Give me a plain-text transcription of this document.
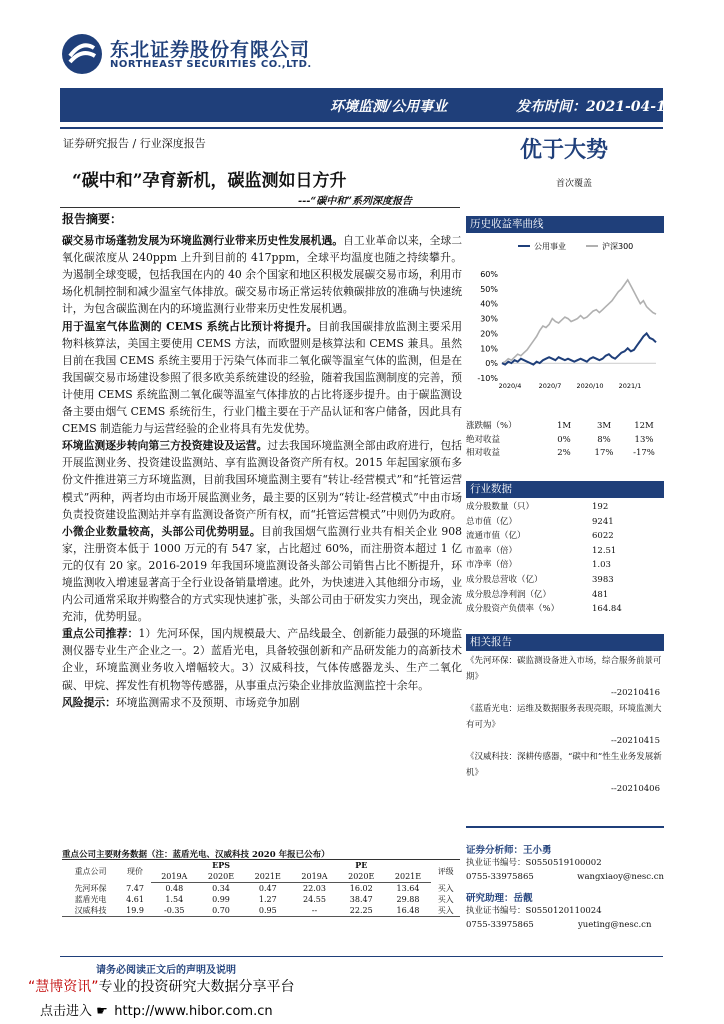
东北证券股份有限公司
NORTHEAST SECURITIES CO.,LTD.
环境监测/公用事业	发布时间：2021-04-18
证券研究报告 / 行业深度报告	优于大势
“碳中和”孕育新机，碳监测如日方升	首次覆盖
---“碳中和”系列深度报告
报告摘要：

碳交易市场蓬勃发展为环境监测行业带来历史性发展机遇。自工业革命以来，全球二氧化碳浓度从 240ppm 上升到目前的 417ppm，全球平均温度也随之持续攀升。为遏制全球变暖，包括我国在内的 40 余个国家和地区积极发展碳交易市场，利用市场化机制控制和减少温室气体排放。碳交易市场正常运转依赖碳排放的准确与快速统计，为包含碳监测在内的环境监测行业带来历史性发展机遇。

用于温室气体监测的 CEMS 系统占比预计将提升。目前我国碳排放监测主要采用物料核算法，美国主要使用 CEMS 方法，而欧盟则是核算法和 CEMS 兼具。虽然目前在我国 CEMS 系统主要用于污染气体而非二氧化碳等温室气体的监测，但是在我国碳交易市场建设参照了很多欧美系统建设的经验，随着我国监测制度的完善，预计使用 CEMS 系统监测二氧化碳等温室气体排放的占比将逐步提升。由于碳监测设备主要由烟气 CEMS 系统衍生，行业门槛主要在于产品认证和客户储备，因此具有 CEMS 制造能力与运营经验的企业将具有先发优势。

环境监测逐步转向第三方投资建设及运营。过去我国环境监测全部由政府进行，包括开展监测业务、投资建设监测站、享有监测设备资产所有权。2015 年起国家颁布多份文件推进第三方环境监测，目前我国环境监测主要有“转让-经营模式”和“托管运营模式”两种，两者均由市场开展监测业务，最主要的区别为“转让-经营模式”中由市场负责投资建设监测站并享有监测设备资产所有权，而“托管运营模式”中则仍为政府。

小微企业数量较高，头部公司优势明显。目前我国烟气监测行业共有相关企业 908 家，注册资本低于 1000 万元的有 547 家，占比超过 60%，而注册资本超过 1 亿元的仅有 20 家。2016-2019 年我国环境监测设备头部公司销售占比不断提升，环境监测收入增速显著高于全行业设备销量增速。此外，为快速进入其他细分市场，业内公司通常采取并购整合的方式实现快速扩张，头部公司由于研发实力突出，现金流充沛，优势明显。

重点公司推荐：1）先河环保，国内规模最大、产品线最全、创新能力最强的环境监测仪器专业生产企业之一。2）蓝盾光电，具备较强创新和产品研发能力的高新技术企业，环境监测业务收入增幅较大。3）汉威科技，气体传感器龙头、生产二氧化碳、甲烷、挥发性有机物等传感器，从事重点污染企业排放监测监控十余年。

风险提示：环境监测需求不及预期、市场竞争加剧

历史收益率曲线
公用事业	沪深300
60%
50%
40%
30%
20%
10%
0%
-10%
2020/4	2020/7 2020/10 2021/1
涨跌幅（%）	1M	3M	12M
绝对收益	0%	8%	13%
相对收益	2%	17%	-17%
行业数据
成分股数量（只）	192
总市值（亿）	9241
流通市值（亿）	6022
市盈率（倍）	12.51
市净率（倍）	1.03
成分股总营收（亿）	3983
成分股总净利润（亿）	481
成分股资产负债率（%）	164.84
相关报告
《先河环保：碳监测设备进入市场，综合服务前景可期》
--20210416
《蓝盾光电：运维及数据服务表现亮眼，环境监测大有可为》
--20210415
《汉威科技：深耕传感器，“碳中和”性生业务发展新机》
--20210406
证券分析师：王小勇
执业证书编号：S0550519100002
0755-33975865	wangxiaoy@nesc.cn
研究助理：岳靓
执业证书编号：S0550120110024
0755-33975865	yueting@nesc.cn
重点公司主要财务数据（注：蓝盾光电、汉威科技 2020 年报已公布）
重点公司	现价	EPS			PE			评级
		2019A	2020E	2021E	2019A	2020E	2021E	
先河环保	7.47	0.48	0.34	0.47	22.03	16.02	13.64	买入
蓝盾光电	4.61	1.54	0.99	1.27	24.55	38.47	29.88	买入
汉威科技	19.9	-0.35	0.70	0.95	--	22.25	16.48	买入
请务必阅读正文后的声明及说明
“慧博资讯”专业的投资研究大数据分享平台
点击进入 ☛ http://www.hibor.com.cn
